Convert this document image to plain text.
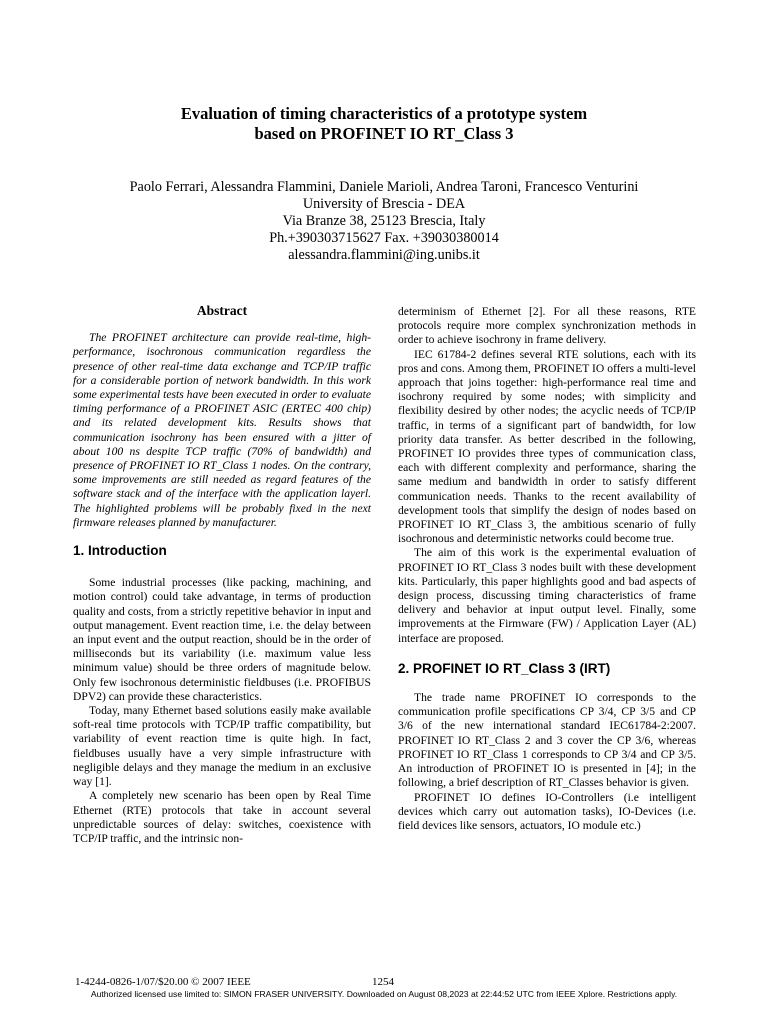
Evaluation of timing characteristics of a prototype system
based on PROFINET IO RT_Class 3
Paolo Ferrari, Alessandra Flammini, Daniele Marioli, Andrea Taroni, Francesco Venturini
University of Brescia - DEA
Via Branze 38, 25123 Brescia, Italy
Ph.+390303715627 Fax. +39030380014
alessandra.flammini@ing.unibs.it
Abstract

The PROFINET architecture can provide real-time, high-performance, isochronous communication regardless the presence of other real-time data exchange and TCP/IP traffic for a considerable portion of network bandwidth. In this work some experimental tests have been executed in order to evaluate timing performance of a PROFINET ASIC (ERTEC 400 chip) and its related development kits. Results shows that communication isochrony has been ensured with a jitter of about 100 ns despite TCP traffic (70% of bandwidth) and presence of PROFINET IO RT_Class 1 nodes. On the contrary, some improvements are still needed as regard features of the software stack and of the interface with the application layerl. The highlighted problems will be probably fixed in the next firmware releases planned by manufacturer.

1. Introduction

Some industrial processes (like packing, machining, and motion control) could take advantage, in terms of production quality and costs, from a strictly repetitive behavior in input and output management. Event reaction time, i.e. the delay between an input event and the output reaction, should be in the order of milliseconds but its variability (i.e. maximum value less minimum value) should be three orders of magnitude below. Only few isochronous deterministic fieldbuses (i.e. PROFIBUS DPV2) can provide these characteristics.

Today, many Ethernet based solutions easily make available soft-real time protocols with TCP/IP traffic compatibility, but variability of event reaction time is quite high. In fact, fieldbuses usually have a very simple infrastructure with negligible delays and they manage the medium in an exclusive way [1].

A completely new scenario has been open by Real Time Ethernet (RTE) protocols that take in account several unpredictable sources of delay: switches, coexistence with TCP/IP traffic, and the intrinsic non-

determinism of Ethernet [2]. For all these reasons, RTE protocols require more complex synchronization methods in order to achieve isochrony in frame delivery.

IEC 61784-2 defines several RTE solutions, each with its pros and cons. Among them, PROFINET IO offers a multi-level approach that joins together: high-performance real time and isochrony required by some nodes; with simplicity and flexibility desired by other nodes; the acyclic needs of TCP/IP traffic, in terms of a significant part of bandwidth, for low priority data transfer. As better described in the following, PROFINET IO provides three types of communication class, each with different complexity and performance, sharing the same medium and bandwidth in order to satisfy different communication needs. Thanks to the recent availability of development tools that simplify the design of nodes based on PROFINET IO RT_Class 3, the ambitious scenario of fully isochronous and deterministic networks could become true.

The aim of this work is the experimental evaluation of PROFINET IO RT_Class 3 nodes built with these development kits. Particularly, this paper highlights good and bad aspects of design process, discussing timing characteristics of frame delivery and behavior at input output level. Finally, some improvements at the Firmware (FW) / Application Layer (AL) interface are proposed.

2. PROFINET IO RT_Class 3 (IRT)

The trade name PROFINET IO corresponds to the communication profile specifications CP 3/4, CP 3/5 and CP 3/6 of the new international standard IEC61784-2:2007. PROFINET IO RT_Class 2 and 3 cover the CP 3/6, whereas PROFINET IO RT_Class 1 corresponds to CP 3/4 and CP 3/5. An introduction of PROFINET IO is presented in [4]; in the following, a brief description of RT_Classes behavior is given.

PROFINET IO defines IO-Controllers (i.e intelligent devices which carry out automation tasks), IO-Devices (i.e. field devices like sensors, actuators, IO module etc.)

1-4244-0826-1/07/$20.00 © 2007 IEEE	1254
Authorized licensed use limited to: SIMON FRASER UNIVERSITY. Downloaded on August 08,2023 at 22:44:52 UTC from IEEE Xplore. Restrictions apply.
